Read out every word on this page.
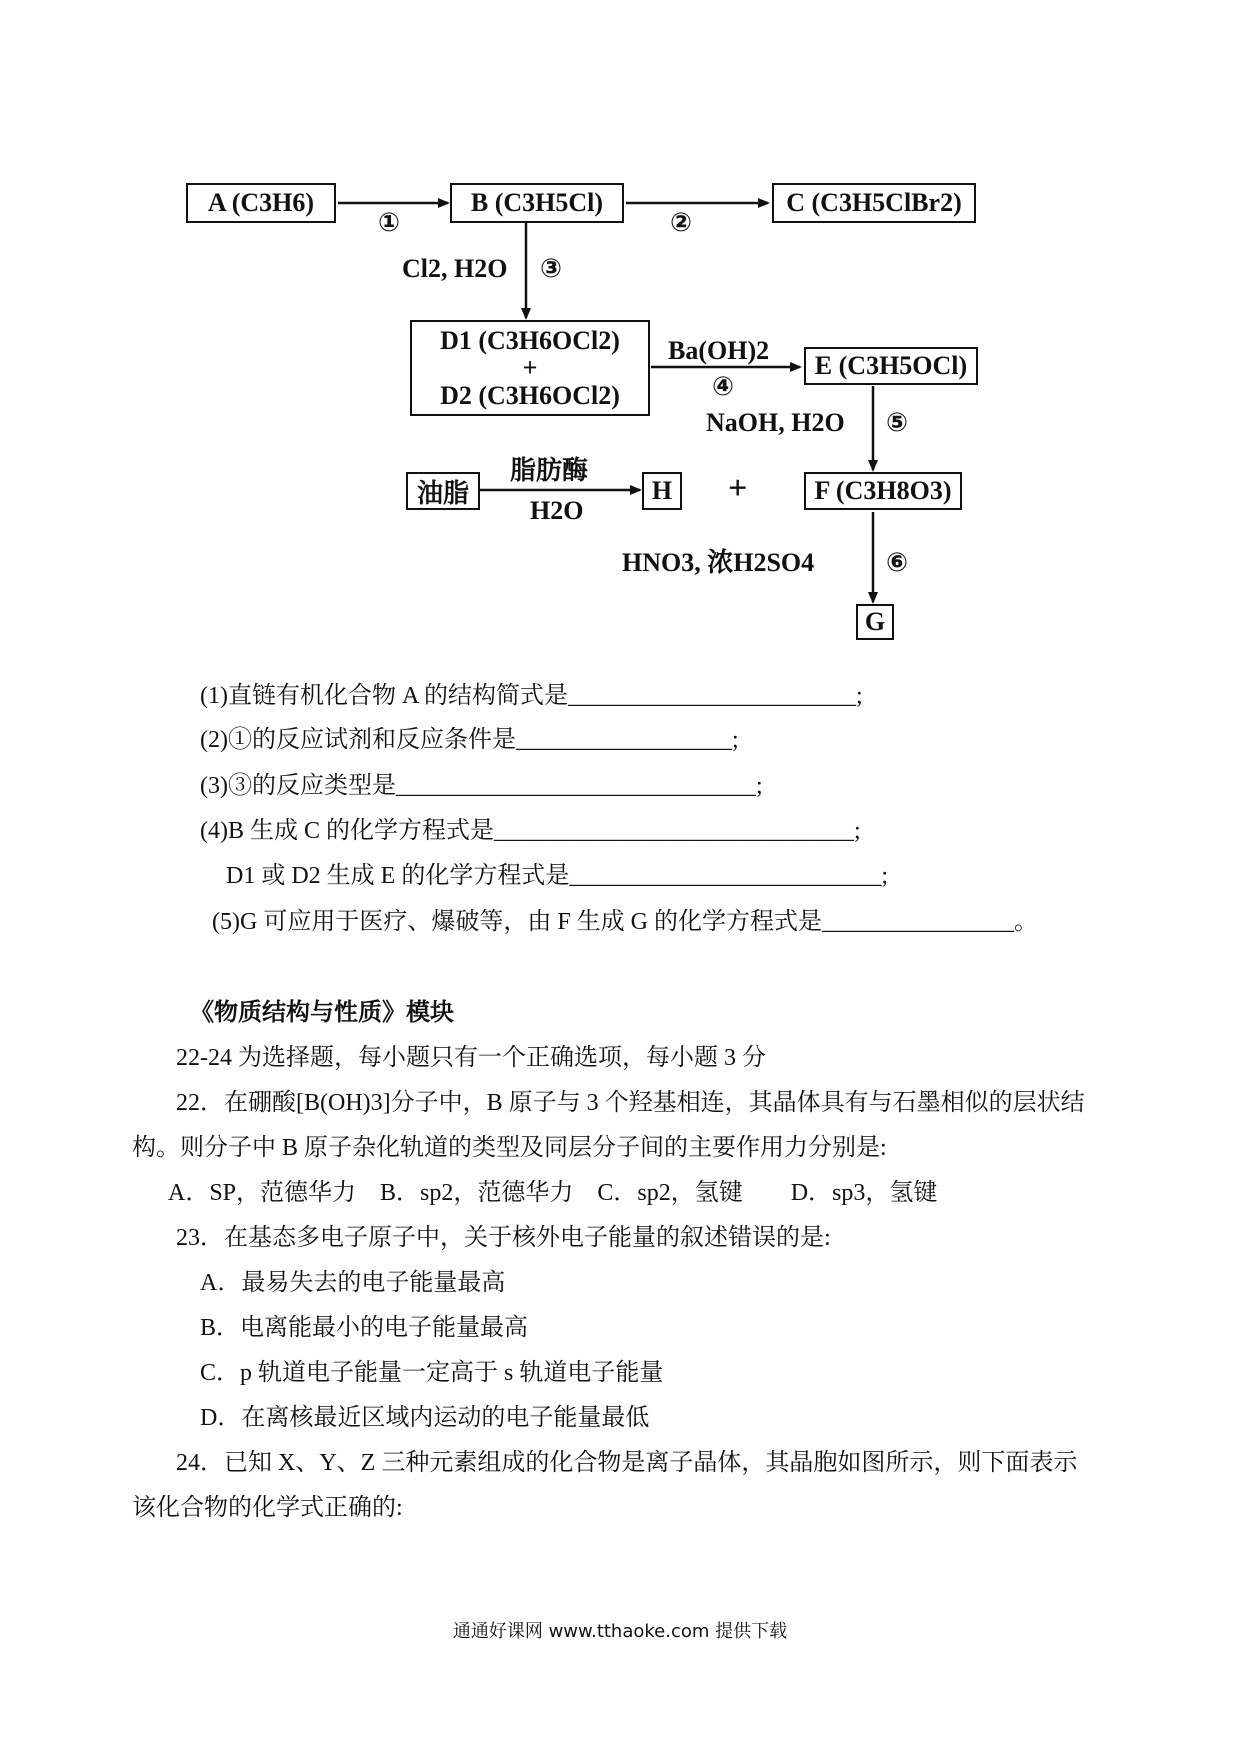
A (C3H6)	B (C3H5Cl)	C (C3H5ClBr2)
D1 (C3H6OCl2)
+
D2 (C3H6OCl2)
E (C3H5OCl)
油脂	H +	F (C3H8O3)
G
①	②
Cl2, H2O ③
Ba(OH)2
④
NaOH, H2O ⑤
脂肪酶
H2O
HNO3, 浓H2SO4	⑥
(1)直链有机化合物 A 的结构简式是________________________;
(2)①的反应试剂和反应条件是__________________;
(3)③的反应类型是______________________________;
(4)B 生成 C 的化学方程式是______________________________;
D1 或 D2 生成 E 的化学方程式是__________________________;
(5)G 可应用于医疗、爆破等，由 F 生成 G 的化学方程式是________________。
《物质结构与性质》模块
22-24 为选择题，每小题只有一个正确选项，每小题 3 分
22．在硼酸[B(OH)3]分子中，B 原子与 3 个羟基相连，其晶体具有与石墨相似的层状结
构。则分子中 B 原子杂化轨道的类型及同层分子间的主要作用力分别是:
A．SP，范德华力　B．sp2，范德华力　C．sp2，氢键　　D．sp3，氢键
23．在基态多电子原子中，关于核外电子能量的叙述错误的是:
A．最易失去的电子能量最高
B．电离能最小的电子能量最高
C．p 轨道电子能量一定高于 s 轨道电子能量
D．在离核最近区域内运动的电子能量最低
24．已知 X、Y、Z 三种元素组成的化合物是离子晶体，其晶胞如图所示，则下面表示
该化合物的化学式正确的:
通通好课网 www.tthaoke.com 提供下载
